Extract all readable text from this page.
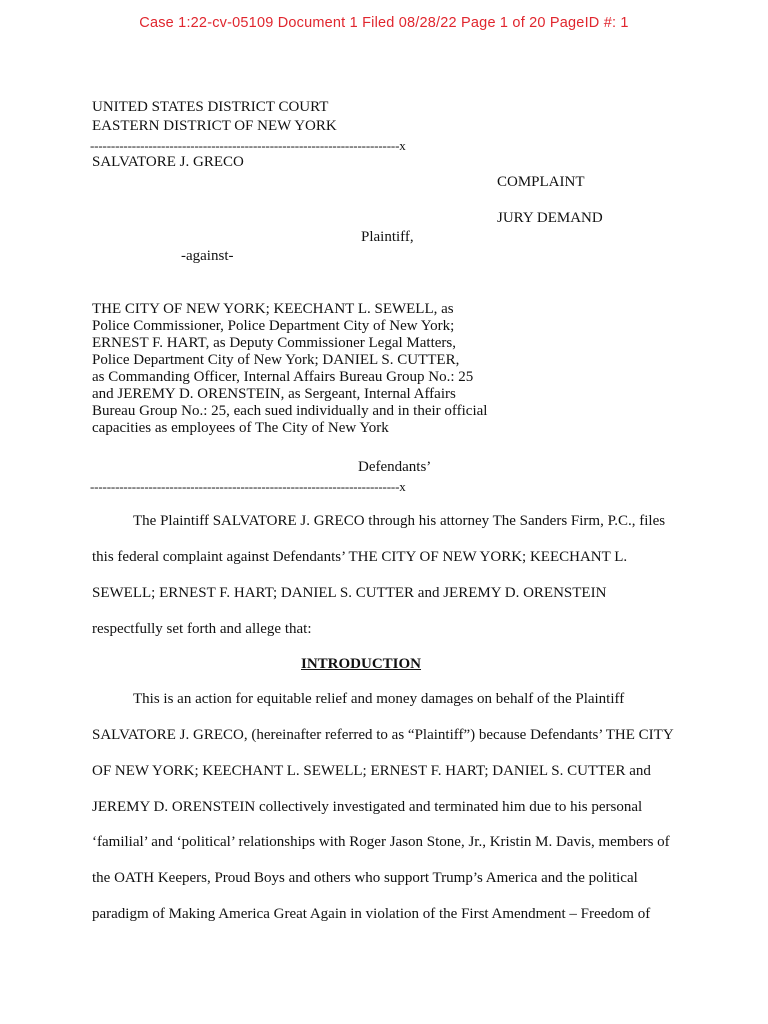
Case 1:22-cv-05109 Document 1 Filed 08/28/22 Page 1 of 20 PageID #: 1
UNITED STATES DISTRICT COURT
EASTERN DISTRICT OF NEW YORK
--------------------------------------------------------------------------x
SALVATORE J. GRECO
COMPLAINT
JURY DEMAND
Plaintiff,
-against-
THE CITY OF NEW YORK; KEECHANT L. SEWELL, as
Police Commissioner, Police Department City of New York;
ERNEST F. HART, as Deputy Commissioner Legal Matters,
Police Department City of New York; DANIEL S. CUTTER,
as Commanding Officer, Internal Affairs Bureau Group No.: 25
and JEREMY D. ORENSTEIN, as Sergeant, Internal Affairs
Bureau Group No.: 25, each sued individually and in their official
capacities as employees of The City of New York
Defendants’
--------------------------------------------------------------------------x
The Plaintiff SALVATORE J. GRECO through his attorney The Sanders Firm, P.C., files
this federal complaint against Defendants’ THE CITY OF NEW YORK; KEECHANT L.
SEWELL; ERNEST F. HART; DANIEL S. CUTTER and JEREMY D. ORENSTEIN
respectfully set forth and allege that:
INTRODUCTION
This is an action for equitable relief and money damages on behalf of the Plaintiff
SALVATORE J. GRECO, (hereinafter referred to as “Plaintiff”) because Defendants’ THE CITY
OF NEW YORK; KEECHANT L. SEWELL; ERNEST F. HART; DANIEL S. CUTTER and
JEREMY D. ORENSTEIN collectively investigated and terminated him due to his personal
‘familial’ and ‘political’ relationships with Roger Jason Stone, Jr., Kristin M. Davis, members of
the OATH Keepers, Proud Boys and others who support Trump’s America and the political
paradigm of Making America Great Again in violation of the First Amendment – Freedom of
